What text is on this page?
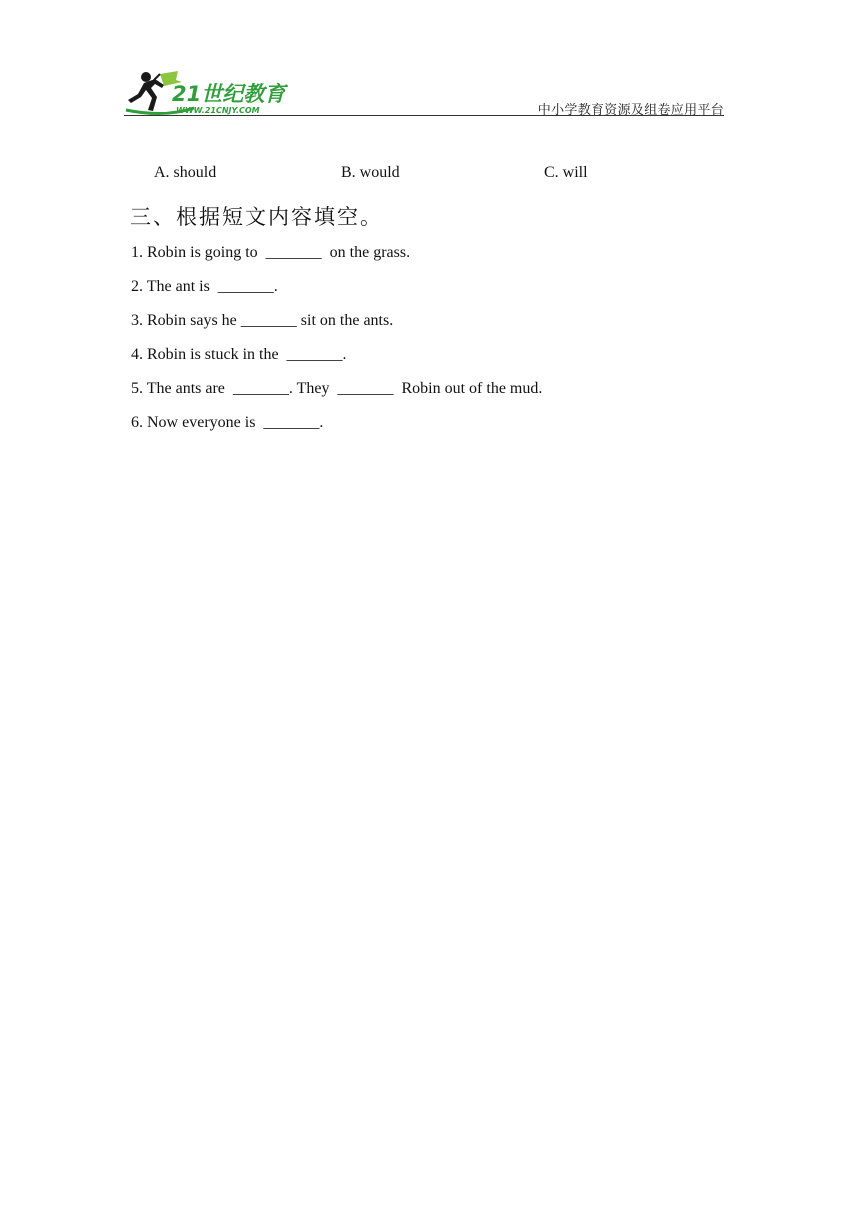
21世纪教育
WWW.21CNJY.COM	中小学教育资源及组卷应用平台
A. should	B. would	C. will
三、根据短文内容填空。
1. Robin is going to  _______  on the grass.
2. The ant is  _______.
3. Robin says he _______ sit on the ants.
4. Robin is stuck in the  _______.
5. The ants are  _______. They  _______  Robin out of the mud.
6. Now everyone is  _______.
